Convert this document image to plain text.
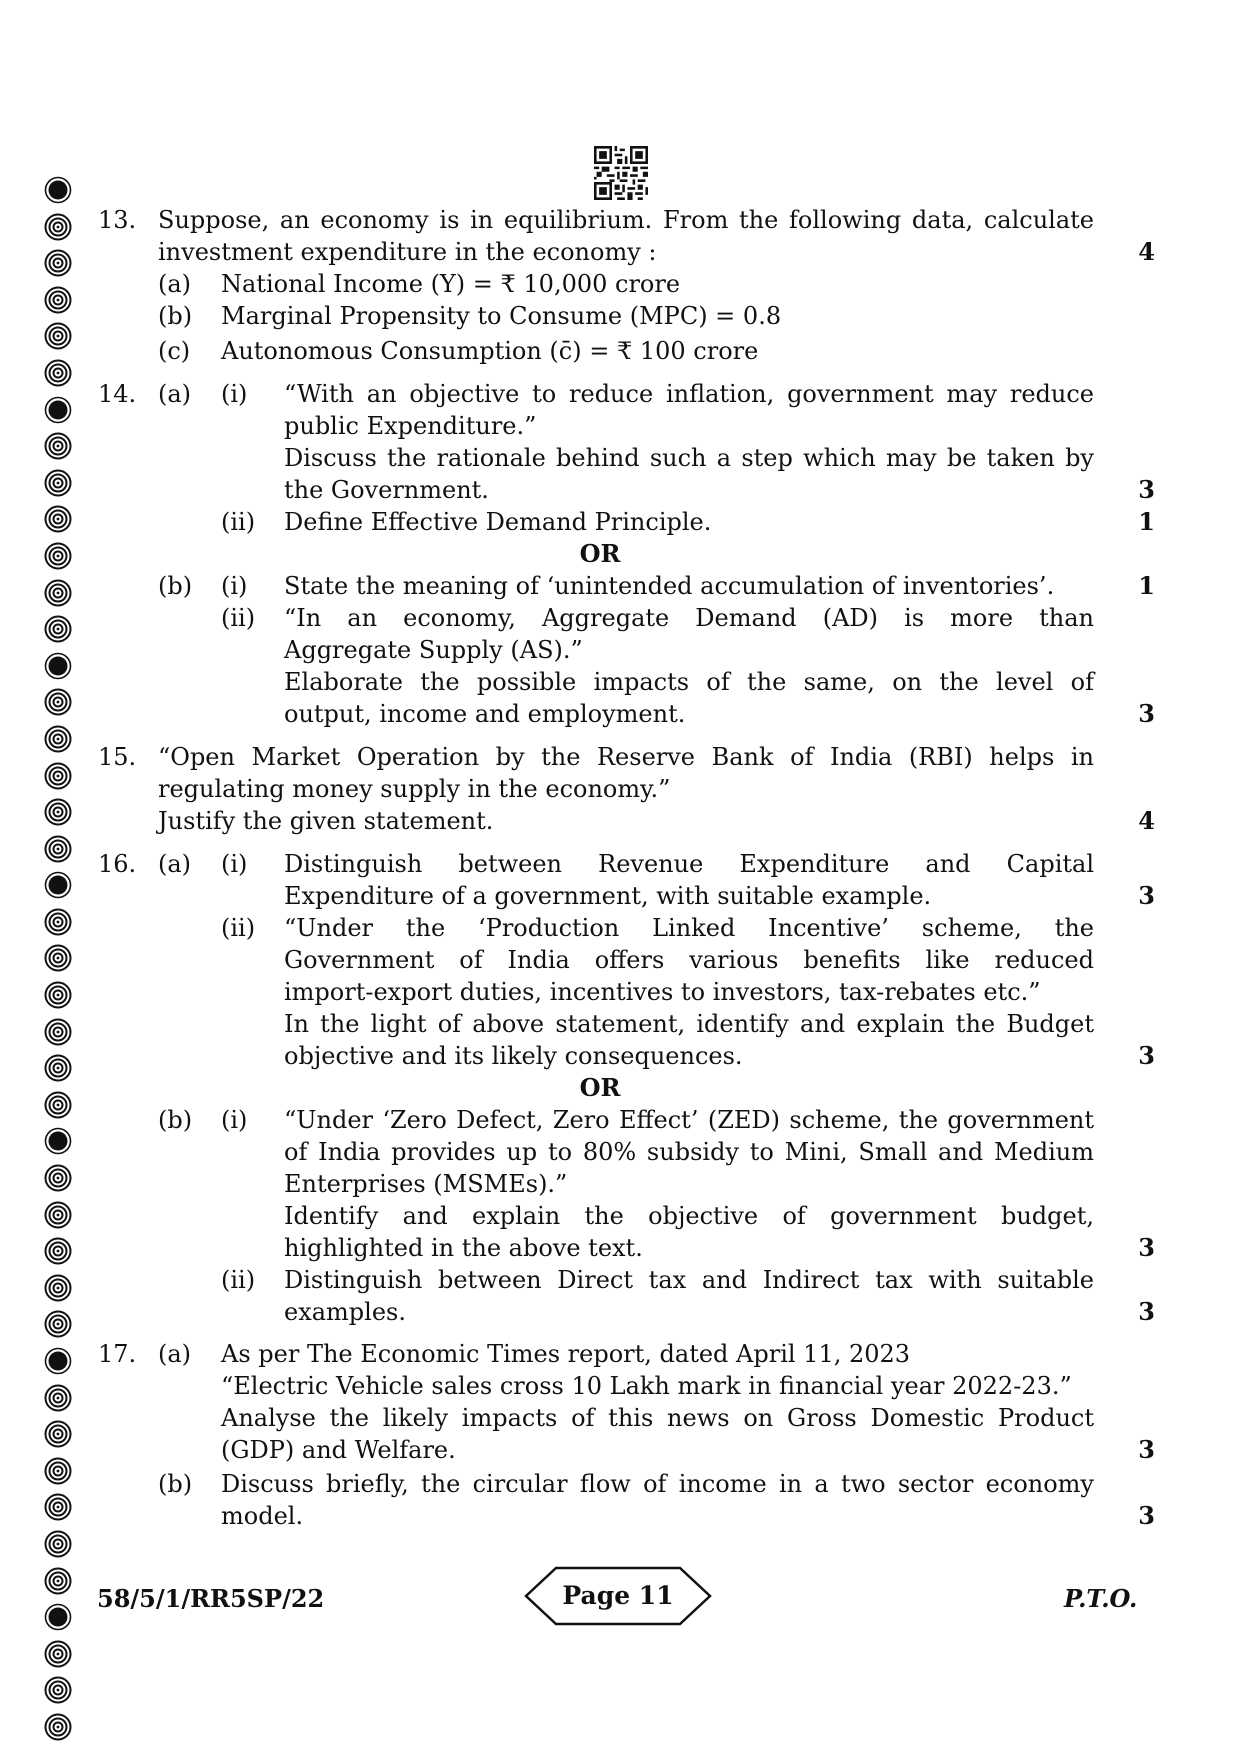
13. Suppose, an economy is in equilibrium. From the following data, calculate
investment expenditure in the economy :	4
(a) National Income (Y) = ₹ 10,000 crore
(b) Marginal Propensity to Consume (MPC) = 0.8
(c) Autonomous Consumption (c̄) = ₹ 100 crore
14. (a) (i) “With an objective to reduce inflation, government may reduce
public Expenditure.”
Discuss the rationale behind such a step which may be taken by
the Government.	3
(ii) Define Effective Demand Principle.	1
OR
(b) (i) State the meaning of ‘unintended accumulation of inventories’.	1
(ii) “In an economy, Aggregate Demand (AD) is more than
Aggregate Supply (AS).”
Elaborate the possible impacts of the same, on the level of
output, income and employment.	3
15. “Open Market Operation by the Reserve Bank of India (RBI) helps in
regulating money supply in the economy.”
Justify the given statement.	4
16. (a) (i) Distinguish between Revenue Expenditure and Capital
Expenditure of a government, with suitable example.	3
(ii) “Under the ‘Production Linked Incentive’ scheme, the
Government of India offers various benefits like reduced
import-export duties, incentives to investors, tax-rebates etc.”
In the light of above statement, identify and explain the Budget
objective and its likely consequences.	3
OR
(b) (i) “Under ‘Zero Defect, Zero Effect’ (ZED) scheme, the government
of India provides up to 80% subsidy to Mini, Small and Medium
Enterprises (MSMEs).”
Identify and explain the objective of government budget,
highlighted in the above text.	3
(ii) Distinguish between Direct tax and Indirect tax with suitable
examples.	3
17. (a) As per The Economic Times report, dated April 11, 2023
“Electric Vehicle sales cross 10 Lakh mark in financial year 2022-23.”
Analyse the likely impacts of this news on Gross Domestic Product
(GDP) and Welfare.	3
(b) Discuss briefly, the circular flow of income in a two sector economy
model.	3
58/5/1/RR5SP/22	Page 11	P.T.O.
